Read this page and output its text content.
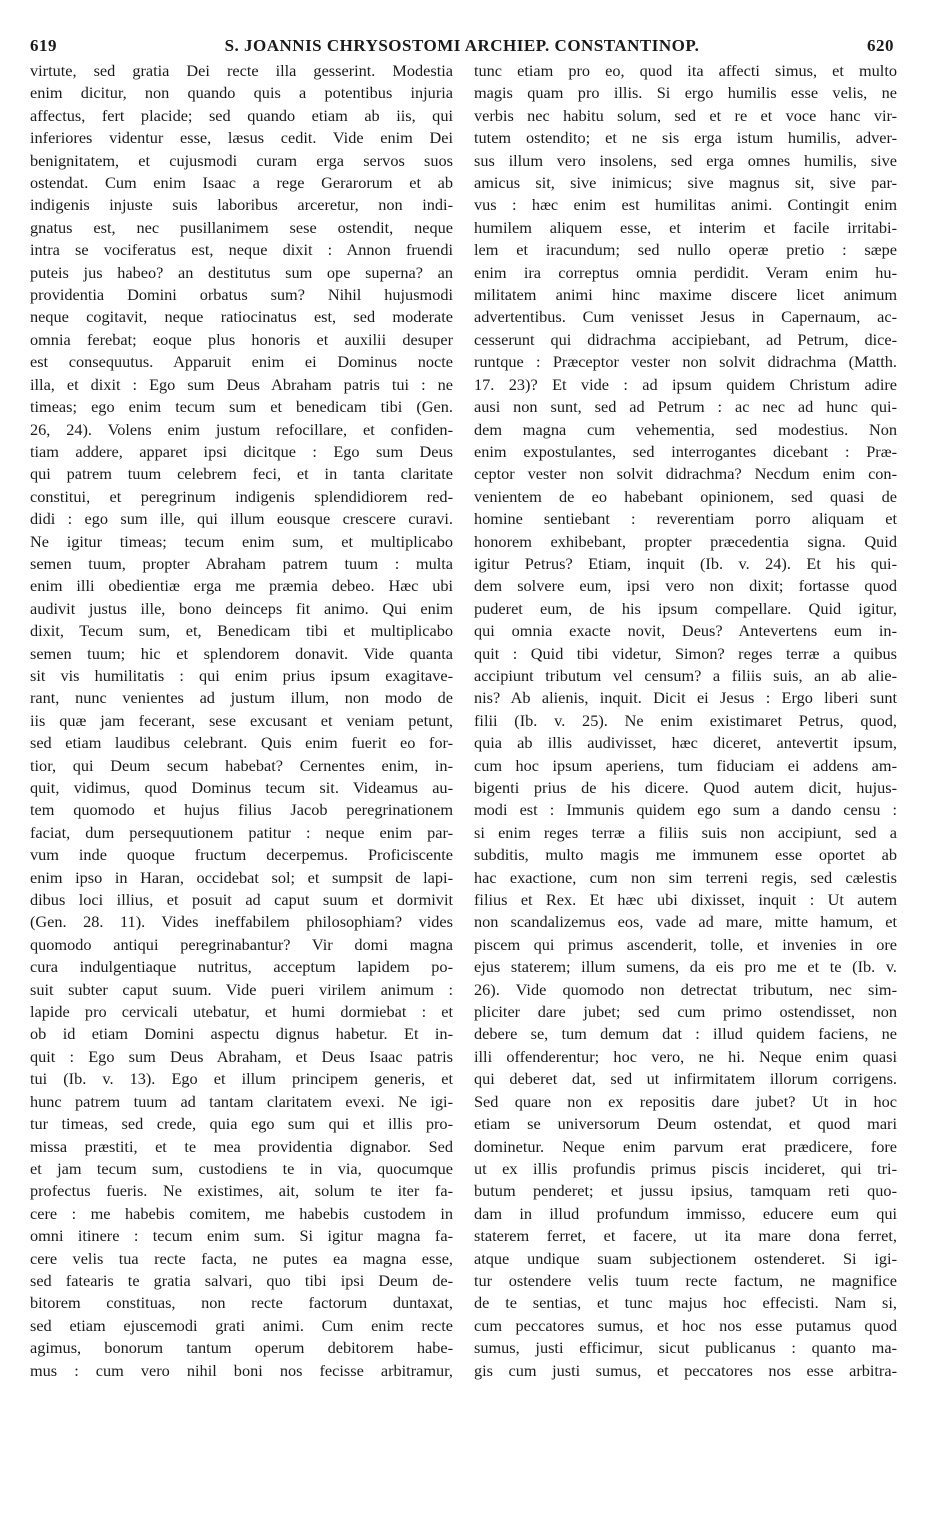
619	S. JOANNIS CHRYSOSTOMI ARCHIEP. CONSTANTINOP.	620
virtute, sed gratia Dei recte illa gesserint. Modestia
enim dicitur, non quando quis a potentibus injuria
affectus, fert placide; sed quando etiam ab iis, qui
inferiores videntur esse, læsus cedit. Vide enim Dei
benignitatem, et cujusmodi curam erga servos suos
ostendat. Cum enim Isaac a rege Gerarorum et ab
indigenis injuste suis laboribus arceretur, non indi-
gnatus est, nec pusillanimem sese ostendit, neque
intra se vociferatus est, neque dixit : Annon fruendi
puteis jus habeo? an destitutus sum ope superna? an
providentia Domini orbatus sum? Nihil hujusmodi
neque cogitavit, neque ratiocinatus est, sed moderate
omnia ferebat; eoque plus honoris et auxilii desuper
est consequutus. Apparuit enim ei Dominus nocte
illa, et dixit : Ego sum Deus Abraham patris tui : ne
timeas; ego enim tecum sum et benedicam tibi (Gen.
26, 24). Volens enim justum refocillare, et confiden-
tiam addere, apparet ipsi dicitque : Ego sum Deus
qui patrem tuum celebrem feci, et in tanta claritate
constitui, et peregrinum indigenis splendidiorem red-
didi : ego sum ille, qui illum eousque crescere curavi.
Ne igitur timeas; tecum enim sum, et multiplicabo
semen tuum, propter Abraham patrem tuum : multa
enim illi obedientiæ erga me præmia debeo. Hæc ubi
audivit justus ille, bono deinceps fit animo. Qui enim
dixit, Tecum sum, et, Benedicam tibi et multiplicabo
semen tuum; hic et splendorem donavit. Vide quanta
sit vis humilitatis : qui enim prius ipsum exagitave-
rant, nunc venientes ad justum illum, non modo de
iis quæ jam fecerant, sese excusant et veniam petunt,
sed etiam laudibus celebrant. Quis enim fuerit eo for-
tior, qui Deum secum habebat? Cernentes enim, in-
quit, vidimus, quod Dominus tecum sit. Videamus au-
tem quomodo et hujus filius Jacob peregrinationem
faciat, dum persequutionem patitur : neque enim par-
vum inde quoque fructum decerpemus. Proficiscente
enim ipso in Haran, occidebat sol; et sumpsit de lapi-
dibus loci illius, et posuit ad caput suum et dormivit
(Gen. 28. 11). Vides ineffabilem philosophiam? vides
quomodo antiqui peregrinabantur? Vir domi magna
cura indulgentiaque nutritus, acceptum lapidem po-
suit subter caput suum. Vide pueri virilem animum :
lapide pro cervicali utebatur, et humi dormiebat : et
ob id etiam Domini aspectu dignus habetur. Et in-
quit : Ego sum Deus Abraham, et Deus Isaac patris
tui (Ib. v. 13). Ego et illum principem generis, et
hunc patrem tuum ad tantam claritatem evexi. Ne igi-
tur timeas, sed crede, quia ego sum qui et illis pro-
missa præstiti, et te mea providentia dignabor. Sed
et jam tecum sum, custodiens te in via, quocumque
profectus fueris. Ne existimes, ait, solum te iter fa-
cere : me habebis comitem, me habebis custodem in
omni itinere : tecum enim sum. Si igitur magna fa-
cere velis tua recte facta, ne putes ea magna esse,
sed fatearis te gratia salvari, quo tibi ipsi Deum de-
bitorem constituas, non recte factorum duntaxat,
sed etiam ejuscemodi grati animi. Cum enim recte
agimus, bonorum tantum operum debitorem habe-
mus : cum vero nihil boni nos fecisse arbitramur,
tunc etiam pro eo, quod ita affecti simus, et multo
magis quam pro illis. Si ergo humilis esse velis, ne
verbis nec habitu solum, sed et re et voce hanc vir-
tutem ostendito; et ne sis erga istum humilis, adver-
sus illum vero insolens, sed erga omnes humilis, sive
amicus sit, sive inimicus; sive magnus sit, sive par-
vus : hæc enim est humilitas animi. Contingit enim
humilem aliquem esse, et interim et facile irritabi-
lem et iracundum; sed nullo operæ pretio : sæpe
enim ira correptus omnia perdidit. Veram enim hu-
militatem animi hinc maxime discere licet animum
advertentibus. Cum venisset Jesus in Capernaum, ac-
cesserunt qui didrachma accipiebant, ad Petrum, dice-
runtque : Præceptor vester non solvit didrachma (Matth.
17. 23)? Et vide : ad ipsum quidem Christum adire
ausi non sunt, sed ad Petrum : ac nec ad hunc qui-
dem magna cum vehementia, sed modestius. Non
enim expostulantes, sed interrogantes dicebant : Præ-
ceptor vester non solvit didrachma? Necdum enim con-
venientem de eo habebant opinionem, sed quasi de
homine sentiebant : reverentiam porro aliquam et
honorem exhibebant, propter præcedentia signa. Quid
igitur Petrus? Etiam, inquit (Ib. v. 24). Et his qui-
dem solvere eum, ipsi vero non dixit; fortasse quod
puderet eum, de his ipsum compellare. Quid igitur,
qui omnia exacte novit, Deus? Antevertens eum in-
quit : Quid tibi videtur, Simon? reges terræ a quibus
accipiunt tributum vel censum? a filiis suis, an ab alie-
nis? Ab alienis, inquit. Dicit ei Jesus : Ergo liberi sunt
filii (Ib. v. 25). Ne enim existimaret Petrus, quod,
quia ab illis audivisset, hæc diceret, antevertit ipsum,
cum hoc ipsum aperiens, tum fiduciam ei addens am-
bigenti prius de his dicere. Quod autem dicit, hujus-
modi est : Immunis quidem ego sum a dando censu :
si enim reges terræ a filiis suis non accipiunt, sed a
subditis, multo magis me immunem esse oportet ab
hac exactione, cum non sim terreni regis, sed cælestis
filius et Rex. Et hæc ubi dixisset, inquit : Ut autem
non scandalizemus eos, vade ad mare, mitte hamum, et
piscem qui primus ascenderit, tolle, et invenies in ore
ejus staterem; illum sumens, da eis pro me et te (Ib. v.
26). Vide quomodo non detrectat tributum, nec sim-
pliciter dare jubet; sed cum primo ostendisset, non
debere se, tum demum dat : illud quidem faciens, ne
illi offenderentur; hoc vero, ne hi. Neque enim quasi
qui deberet dat, sed ut infirmitatem illorum corrigens.
Sed quare non ex repositis dare jubet? Ut in hoc
etiam se universorum Deum ostendat, et quod mari
dominetur. Neque enim parvum erat prædicere, fore
ut ex illis profundis primus piscis incideret, qui tri-
butum penderet; et jussu ipsius, tamquam reti quo-
dam in illud profundum immisso, educere eum qui
staterem ferret, et facere, ut ita mare dona ferret,
atque undique suam subjectionem ostenderet. Si igi-
tur ostendere velis tuum recte factum, ne magnifice
de te sentias, et tunc majus hoc effecisti. Nam si,
cum peccatores sumus, et hoc nos esse putamus quod
sumus, justi efficimur, sicut publicanus : quanto ma-
gis cum justi sumus, et peccatores nos esse arbitra-
